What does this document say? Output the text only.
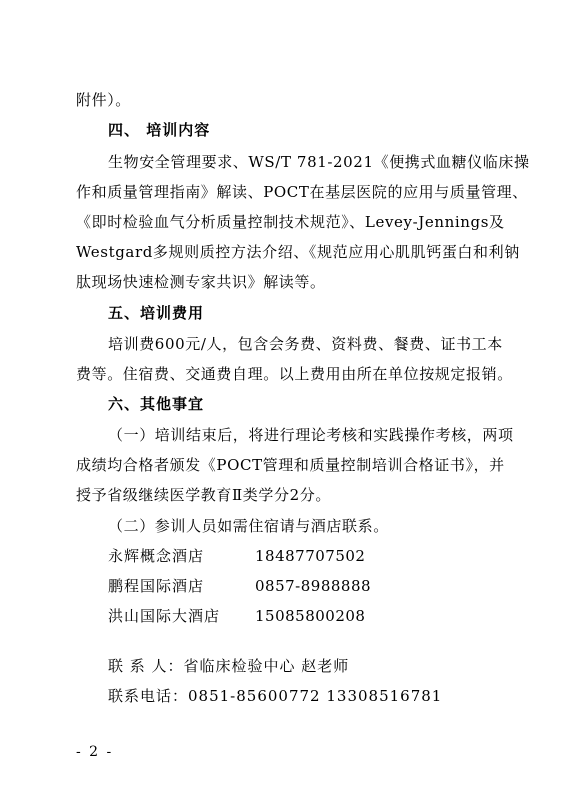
附件）。
四、 培训内容
生物安全管理要求、WS/T 781-2021《便携式血糖仪临床操
作和质量管理指南》解读、POCT在基层医院的应用与质量管理、
《即时检验血气分析质量控制技术规范》、Levey-Jennings及
Westgard多规则质控方法介绍、《规范应用心肌肌钙蛋白和利钠
肽现场快速检测专家共识》解读等。
五、培训费用
培训费600元/人，包含会务费、资料费、餐费、证书工本
费等。住宿费、交通费自理。以上费用由所在单位按规定报销。
六、其他事宜
（一）培训结束后，将进行理论考核和实践操作考核，两项
成绩均合格者颁发《POCT管理和质量控制培训合格证书》，并
授予省级继续医学教育Ⅱ类学分2分。
（二）参训人员如需住宿请与酒店联系。
永辉概念酒店	18487707502
鹏程国际酒店	0857-8988888
洪山国际大酒店 15085800208
联 系 人：省临床检验中心 赵老师
联系电话：0851-85600772 13308516781
- 2 -
